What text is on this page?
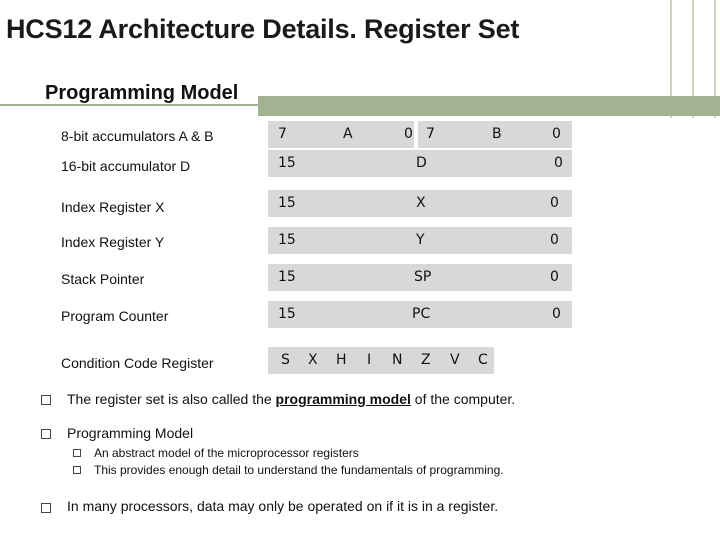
HCS12 Architecture Details. Register Set
Programming Model
8-bit accumulators A & B	7	A	0 7	B	0
16-bit accumulator D	15	D	0
Index Register X	15	X	0
Index Register Y	15	Y	0
Stack Pointer	15	SP	0
Program Counter	15	PC	0
Condition Code Register	S X H I N Z V C
The register set is also called the programming model of the computer.
Programming Model
An abstract model of the microprocessor registers
This provides enough detail to understand the fundamentals of programming.
In many processors, data may only be operated on if it is in a register.
